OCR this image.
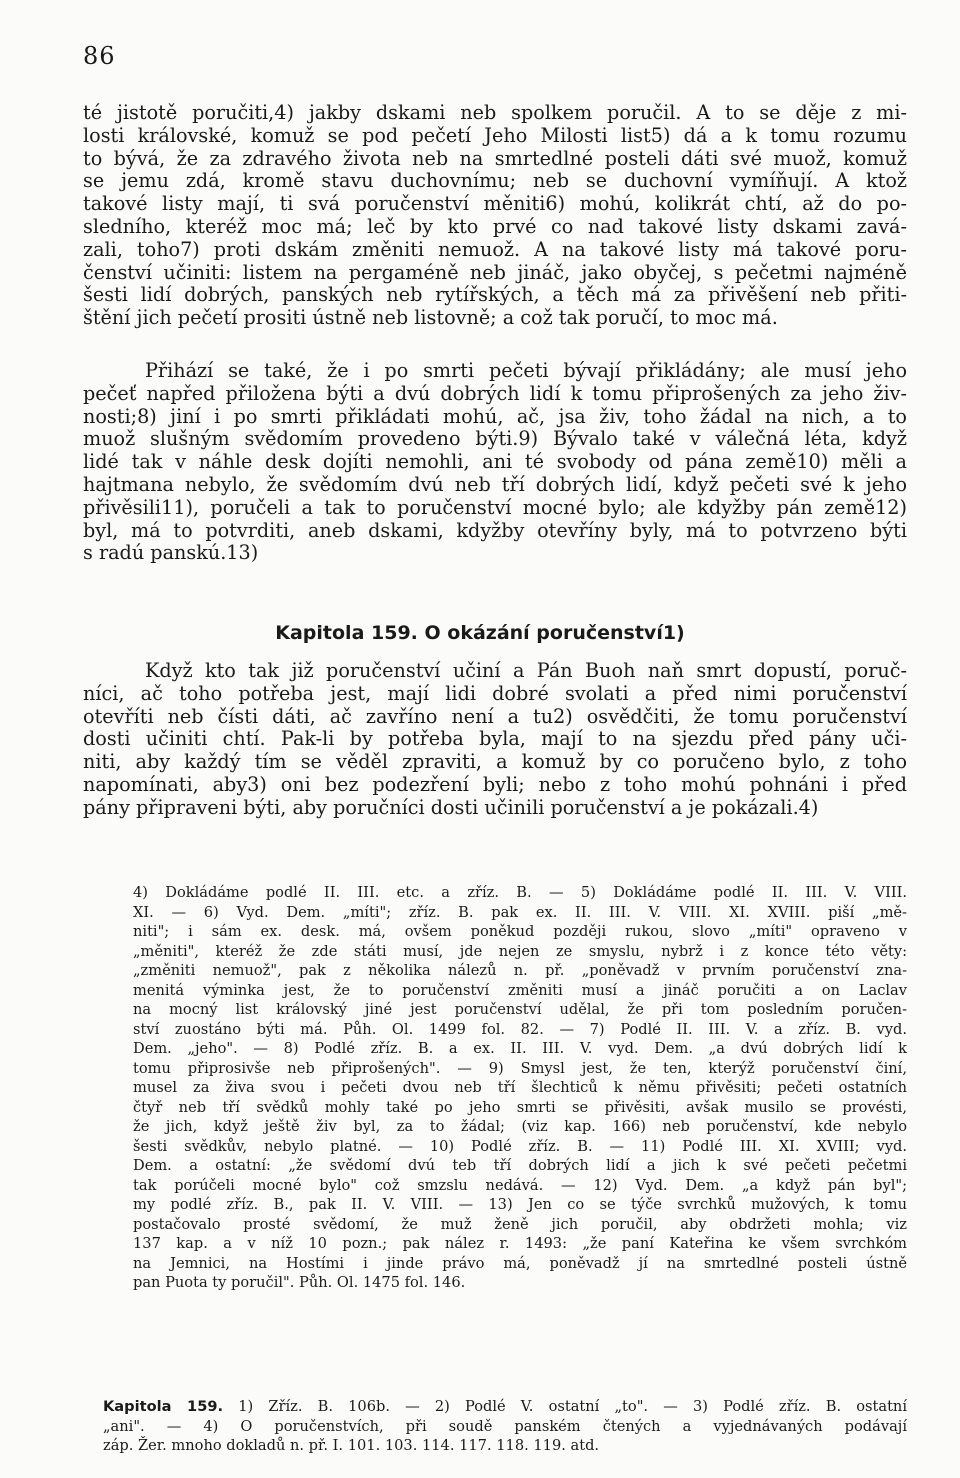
86
té jistotě poručiti,4) jakby dskami neb spolkem poručil. A to se děje z mi-
losti královské, komuž se pod pečetí Jeho Milosti list5) dá a k tomu rozumu
to bývá, že za zdravého života neb na smrtedlné posteli dáti své muož, komuž
se jemu zdá, kromě stavu duchovnímu; neb se duchovní vymíňují. A ktož
takové listy mají, ti svá poručenství měniti6) mohú, kolikrát chtí, až do po-
sledního, kteréž moc má; leč by kto prvé co nad takové listy dskami zavá-
zali, toho7) proti dskám změniti nemuož. A na takové listy má takové poru-
čenství učiniti: listem na pergaméně neb jináč, jako obyčej, s pečetmi najméně
šesti lidí dobrých, panských neb rytířských, a těch má za přivěšení neb přiti-
štění jich pečetí prositi ústně neb listovně; a což tak poručí, to moc má.
Přihází se také, že i po smrti pečeti bývají přikládány; ale musí jeho
pečeť napřed přiložena býti a dvú dobrých lidí k tomu připrošených za jeho živ-
nosti;8) jiní i po smrti přikládati mohú, ač, jsa živ, toho žádal na nich, a to
muož slušným svědomím provedeno býti.9) Bývalo také v válečná léta, když
lidé tak v náhle desk dojíti nemohli, ani té svobody od pána země10) měli a
hajtmana nebylo, že svědomím dvú neb tří dobrých lidí, když pečeti své k jeho
přivěsili11), poručeli a tak to poručenství mocné bylo; ale kdyžby pán země12)
byl, má to potvrditi, aneb dskami, kdyžby otevříny byly, má to potvrzeno býti
s radú panskú.13)
Kapitola 159. O okázání poručenství1)
Když kto tak již poručenství učiní a Pán Buoh naň smrt dopustí, poruč-
níci, ač toho potřeba jest, mají lidi dobré svolati a před nimi poručenství
otevříti neb čísti dáti, ač zavříno není a tu2) osvědčiti, že tomu poručenství
dosti učiniti chtí. Pak-li by potřeba byla, mají to na sjezdu před pány uči-
niti, aby každý tím se věděl zpraviti, a komuž by co poručeno bylo, z toho
napomínati, aby3) oni bez podezření byli; nebo z toho mohú pohnáni i před
pány připraveni býti, aby poručníci dosti učinili poručenství a je pokázali.4)
4) Dokládáme podlé II. III. etc. a zříz. B. — 5) Dokládáme podlé II. III. V. VIII.
XI. — 6) Vyd. Dem. „míti"; zříz. B. pak ex. II. III. V. VIII. XI. XVIII. piší „mě-
niti"; i sám ex. desk. má, ovšem poněkud později rukou, slovo „míti" opraveno v
„měniti", kteréž že zde státi musí, jde nejen ze smyslu, nybrž i z konce této věty:
„změniti nemuož", pak z několika nálezů n. př. „poněvadž v prvním poručenství zna-
menitá výminka jest, že to poručenství změniti musí a jináč poručiti a on Laclav
na mocný list královský jiné jest poručenství udělal, že při tom posledním poručen-
ství zuostáno býti má. Půh. Ol. 1499 fol. 82. — 7) Podlé II. III. V. a zříz. B. vyd.
Dem. „jeho". — 8) Podlé zříz. B. a ex. II. III. V. vyd. Dem. „a dvú dobrých lidí k
tomu připrosivše neb připrošených". — 9) Smysl jest, že ten, kterýž poručenství činí,
musel za živa svou i pečeti dvou neb tří šlechticů k němu přivěsiti; pečeti ostatních
čtyř neb tří svědků mohly také po jeho smrti se přivěsiti, avšak musilo se provésti,
že jich, když ještě živ byl, za to žádal; (viz kap. 166) neb poručenství, kde nebylo
šesti svědkův, nebylo platné. — 10) Podlé zříz. B. — 11) Podlé III. XI. XVIII; vyd.
Dem. a ostatní: „že svědomí dvú teb tří dobrých lidí a jich k své pečeti pečetmi
tak porúčeli mocné bylo" což smzslu nedává. — 12) Vyd. Dem. „a když pán byl";
my podlé zříz. B., pak II. V. VIII. — 13) Jen co se týče svrchků mužových, k tomu
postačovalo prosté svědomí, že muž ženě jich poručil, aby obdržeti mohla; viz
137 kap. a v níž 10 pozn.; pak nález r. 1493: „že paní Kateřina ke všem svrchkóm
na Jemnici, na Hostími i jinde právo má, poněvadž jí na smrtedlné posteli ústně
pan Puota ty poručil". Půh. Ol. 1475 fol. 146.
Kapitola 159. 1) Zříz. B. 106b. — 2) Podlé V. ostatní „to". — 3) Podlé zříz. B. ostatní
„ani". — 4) O poručenstvích, při soudě panském čtených a vyjednávaných podávají
záp. Žer. mnoho dokladů n. př. I. 101. 103. 114. 117. 118. 119. atd.
